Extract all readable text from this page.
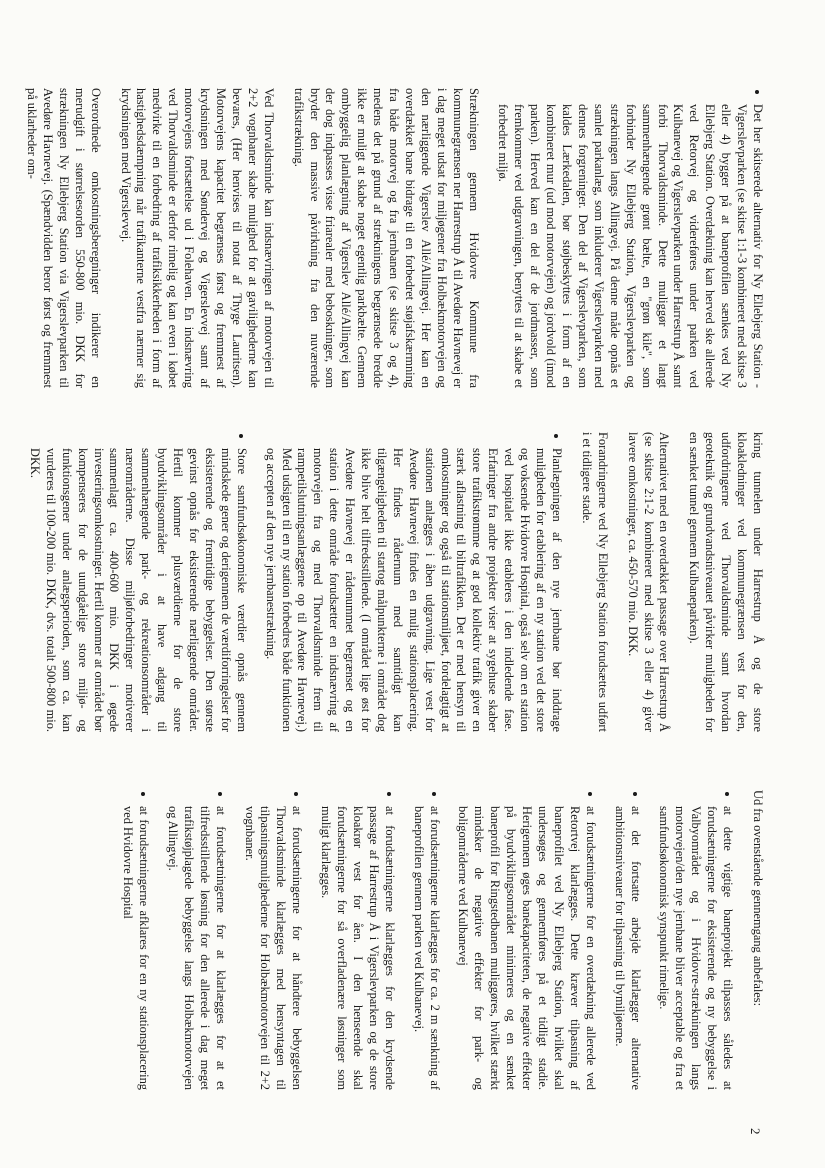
• Det her skitserede alternativ for Ny Ellebjerg Station - Vigerslevparken (se skitse 1:1-3 kombineret med skitse 3 eller 4) bygger på at baneprofilen sænkes ved Ny Ellebjerg Station. Overdækning kan herved ske allerede ved Retorvej og videreføres under parken ved Kulbanevej og Vigerslevparken under Harrestrup Å samt forbi Thorvaldsminde. Dette muliggør et langt sammenhængende grønt bælte, en "grøn kile", som forbinder Ny Ellebjerg Station, Vigerslevparken og strækningen langs Allingvej. På denne måde opnås et samlet parkanlæg, som inkluderer Vigerslevparken med dennes forgreninger. Den del af Vigerslevparken, som kaldes Lærkedalen, bør støjbeskyttes i form af en kombineret mur (ud mod motorvejen) og jordvold (imod parken). Herved kan en del af de jordmasser, som fremkommer ved udgravningen, benyttes til at skabe et forbedret miljø.

Strækningen gennem Hvidovre Kommune fra kommunegrænsen ner Harrestrup Å til Avedøre Havnevej er i dag meget udsat for miljøgener fra Holbækmotorvejen og den nærliggende Vigerslev Allé/Allingvej. Her kan en overdækket bane bidrage til en forbedret støjafskærmning fra både motorvej og fra jernbanen (se skitse 3 og 4), medens det på grund af strækningens begrænsede bredde ikke er muligt at skabe noget egentlig parkbælte. Gennem ombyggelig planlægning af Vigerslev Allé/Allingvej kan der dog indpasses visse friarealer med beboskninger, som bryder den massive påvirkning fra den nuværende trafikstrækning.

Ved Thorvaldsminde kan indsnævringen af motorvejen til 2+2 vognbaner skabe mulighed for at gavilighederne kan bevares, (Her henvises til notat af Thyge Lauritsen). Motorvejens kapacitet begrænses først og fremmest af krydsningen med Søndervej og Vigerslevvej samt af motorvejens fortsættelse ud i Folehaven. En indsnævring ved Thorvaldsminde er derfor rimelig og kan even i købet medvirke til en forbedring af trafiksikkerheden i form af hastighedsdæmpning når trafikanterne vestfra nærmer sig krydsningen med Vigerslevvej.

Overordnede omkostningsberegninger indikerer en merudgift i størrelsesorden 550-800 mio. DKK for strækningen Ny Ellebjerg Station via Vigerslevparken til Avedøre Havnevej. (Spændvidden beror først og fremmest på uklarheder om-

kring tunnelen under Harrestrup Å og de store kloakledninger ved kommunegrænsen vest for den, udfordringerne ved Thorvaldsminde samt hvordan geoteknik og grundvandsniveauet påvirker muligheden for en sænket tunnel gennem Kulbaneparken).

Alternativet med en overdækket passage over Harrestrup Å (se skitse 2:1-2 kombineret med skitse 3 eller 4) giver lavere omkostninger, ca. 450-570 mio. DKK.

Forandringerne ved Ny Ellebjerg Station forudsættes udført i et tidligere stade.

• Planlægningen af den nye jernbane bør inddrage muligheden for etablering af en ny station ved det store og voksende Hvidovre Hospital, også selv om en station ved hospitalet ikke etableres i den indledende fase. Erfaringer fra andre projekter viser at sygehuse skaber store trafikstrømme og at god kollektiv trafik giver en stærk aflastning til biltrafikken. Det er med hensyn til omkostninger og også til stationsmiljøet, fordelagtigt at stationen anlægges i åben udgravning. Lige vest for Avedøre Havnevej findes en mulig stationsplacering. Her findes rådernum med samtidigt kan tilgængeligheden til startog målpunkterne i området dog ikke blive helt tilfredsstillende. (I området lige øst for Avedøre Havnevej er rådenummet begrænset og en station i dette område forudsætter en indsnævring af motorvejen fra og med Thorvaldsminde frem til rampetilslutningsanlæggene op til Avedøre Havnevej.) Med udsigten til en ny station forbedres både funktionen og accepten af den nye jernbanestrækning.
• Store samfundsøkonomiske værdier opnås gennem mindskede gener og derigennem de værdiforringelser for eksisterende og fremtidige bebyggelser. Den største gevinst opnås for eksisterende nærliggende områder. Hertil kommer plusværdierne for de store byudviklingsområder i at have adgang til sammenhængende park- og rekreationsområder i nærområderne. Disse miljøforbedringer motiverer sammenlagt ca. 400-600 mio. DKK i øgede investeringsomkostninger. Hertil kommer at området bør kompenseres for de uundgåelige store miljø- og funktionsgener under anlægsperioden, som ca. kan vurderes til 100-200 mio. DKK, dvs. totalt 500-800 mio. DKK.

Ud fra ovenstående gennemgang anbefales:

• at dette vigtige baneprojekt tilpasses således at forudsætningerne for eksisterende og ny bebyggelse i Valbyområdet og i Hvidovre-strækningen langs motorvejen/den nye jernbane bliver acceptable og fra et samfundsøkonomisk synspunkt rimelige.
• at det fortsatte arbejde klarlægger alternative ambitionsniveauer for tilpasning til bymiljøerne.
• at forudsætningerne for en overdækning allerede ved Retortvej klarlægges. Dette kræver tilpasning af baneprofilet ved Ny Ellebjerg Station, hvilket skal undersøges og gennemføres på et tidligt stadie. Herigennem øges banekapaciteten, de negative effekter på byudviklingsområdet minimeres og en sænket baneprofil for Ringstedbanen muliggøres, hvilket stærkt mindsker de negative effekter for park- og boligområderne ved Kulbanevej
• at forudsætningerne klarlægges for ca. 2 m sænkning af baneprofilen gennem parken ved Kulbanevej.
• at forudsætningerne klarlægges for den krydsende passage af Harrestrup Å i Vigerslevparken og de store kloakrør vest for åen. I den henseende skal forudsætningerne for så overfladenære løsninger som muligt klarlægges.
• at forudsætningerne for at håndtere bebyggelsen Thorvaldsminde klarlægges med hensyntagen til tilpasningsmulighederne for Holbækmotorvejen til 2+2 vognbaner.
• at forudsætningerne for at klarlægges for at et tilfredsstillende løsning for den allerede i dag meget trafikstøjplagede bebyggelse langs Holbækmotorvejen og Allingvej.
• at forudsætningerne afklares for en ny stationsplacering ved Hvidovre Hospital
2
